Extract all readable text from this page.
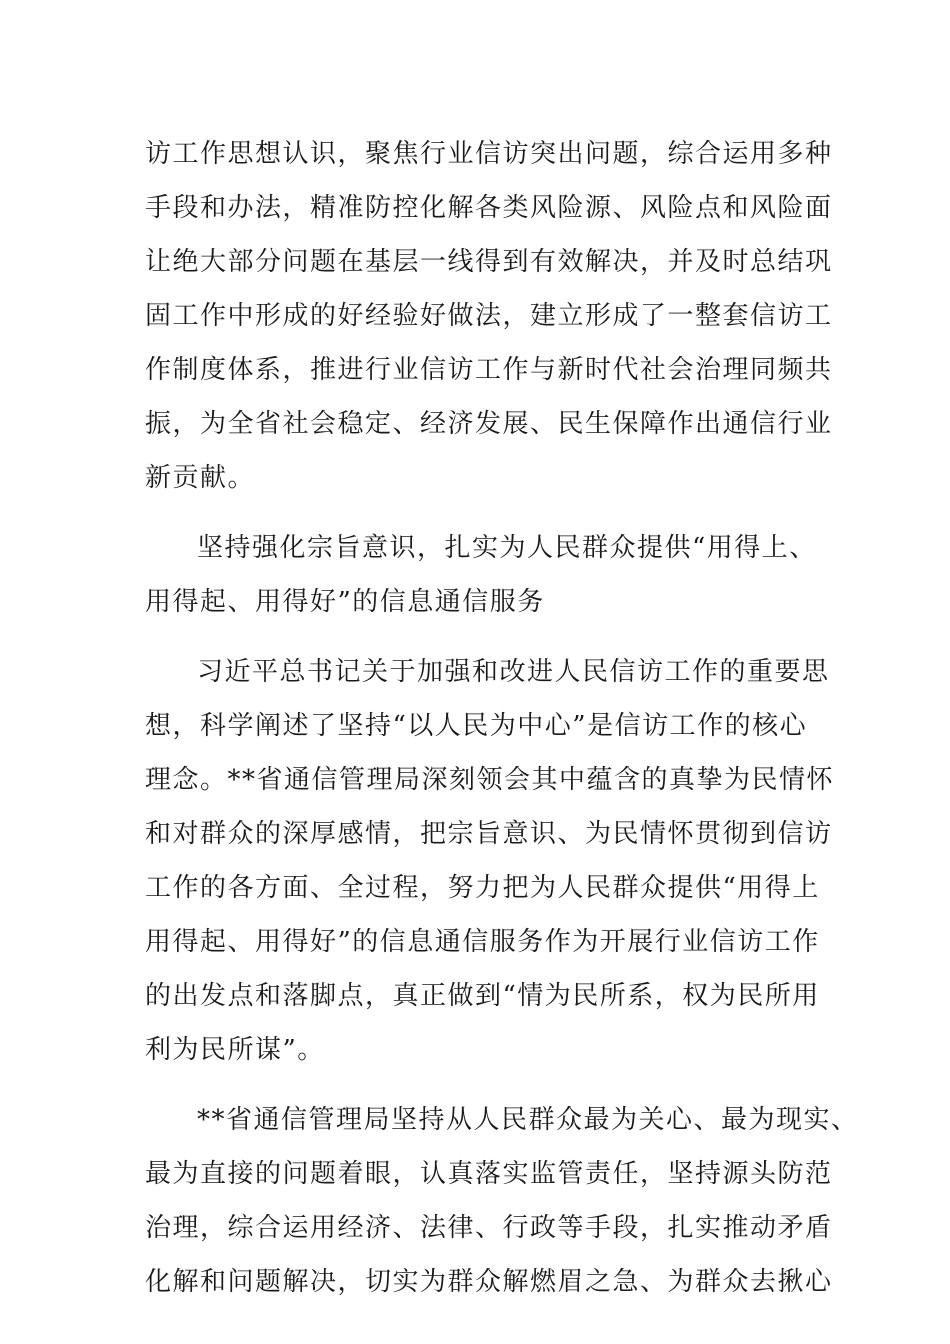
访工作思想认识，聚焦行业信访突出问题，综合运用多种
手段和办法，精准防控化解各类风险源、风险点和风险面
让绝大部分问题在基层一线得到有效解决，并及时总结巩
固工作中形成的好经验好做法，建立形成了一整套信访工
作制度体系，推进行业信访工作与新时代社会治理同频共
振，为全省社会稳定、经济发展、民生保障作出通信行业
新贡献。
坚持强化宗旨意识，扎实为人民群众提供“用得上、
用得起、用得好”的信息通信服务
习近平总书记关于加强和改进人民信访工作的重要思
想，科学阐述了坚持“以人民为中心”是信访工作的核心
理念。**省通信管理局深刻领会其中蕴含的真挚为民情怀
和对群众的深厚感情，把宗旨意识、为民情怀贯彻到信访
工作的各方面、全过程，努力把为人民群众提供“用得上
用得起、用得好”的信息通信服务作为开展行业信访工作
的出发点和落脚点，真正做到“情为民所系，权为民所用
利为民所谋”。
**省通信管理局坚持从人民群众最为关心、最为现实、
最为直接的问题着眼，认真落实监管责任，坚持源头防范
治理，综合运用经济、法律、行政等手段，扎实推动矛盾
化解和问题解决，切实为群众解燃眉之急、为群众去揪心
